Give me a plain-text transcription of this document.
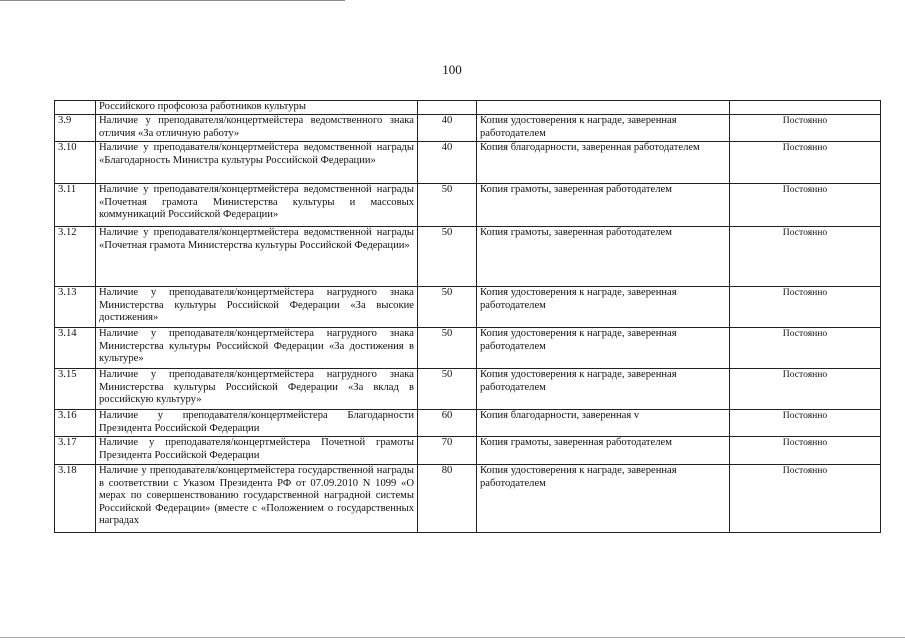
100
	Российского профсоюза работников культуры			
3.9	Наличие у преподавателя/концертмейстера ведомственного знака отличия «За отличную работу»	40	Копия удостоверения к награде, заверенная работодателем	Постоянно
3.10	Наличие у преподавателя/концертмейстера ведомственной награды «Благодарность Министра культуры Российской Федерации»	40	Копия благодарности, заверенная работодателем	Постоянно
3.11	Наличие у преподавателя/концертмейстера ведомственной награды «Почетная грамота Министерства культуры и массовых коммуникаций Российской Федерации»	50	Копия грамоты, заверенная работодателем	Постоянно
3.12	Наличие у преподавателя/концертмейстера ведомственной награды «Почетная грамота Министерства культуры Российской Федерации»	50	Копия грамоты, заверенная работодателем	Постоянно
3.13	Наличие у преподавателя/концертмейстера нагрудного знака Министерства культуры Российской Федерации «За высокие достижения»	50	Копия удостоверения к награде, заверенная работодателем	Постоянно
3.14	Наличие у преподавателя/концертмейстера нагрудного знака Министерства культуры Российской Федерации «За достижения в культуре»	50	Копия удостоверения к награде, заверенная работодателем	Постоянно
3.15	Наличие у преподавателя/концертмейстера нагрудного знака Министерства культуры Российской Федерации «За вклад в российскую культуру»	50	Копия удостоверения к награде, заверенная работодателем	Постоянно
3.16	Наличие у преподавателя/концертмейстера Благодарности Президента Российской Федерации	60	Копия благодарности, заверенная v	Постоянно
3.17	Наличие у преподавателя/концертмейстера Почетной грамоты Президента Российской Федерации	70	Копия грамоты, заверенная работодателем	Постоянно
3.18	Наличие у преподавателя/концертмейстера государственной награды в соответствии с Указом Президента РФ от 07.09.2010 N 1099 «О мерах по совершенствованию государственной наградной системы Российской Федерации» (вместе с «Положением о государственных наградах	80	Копия удостоверения к награде, заверенная работодателем	Постоянно
